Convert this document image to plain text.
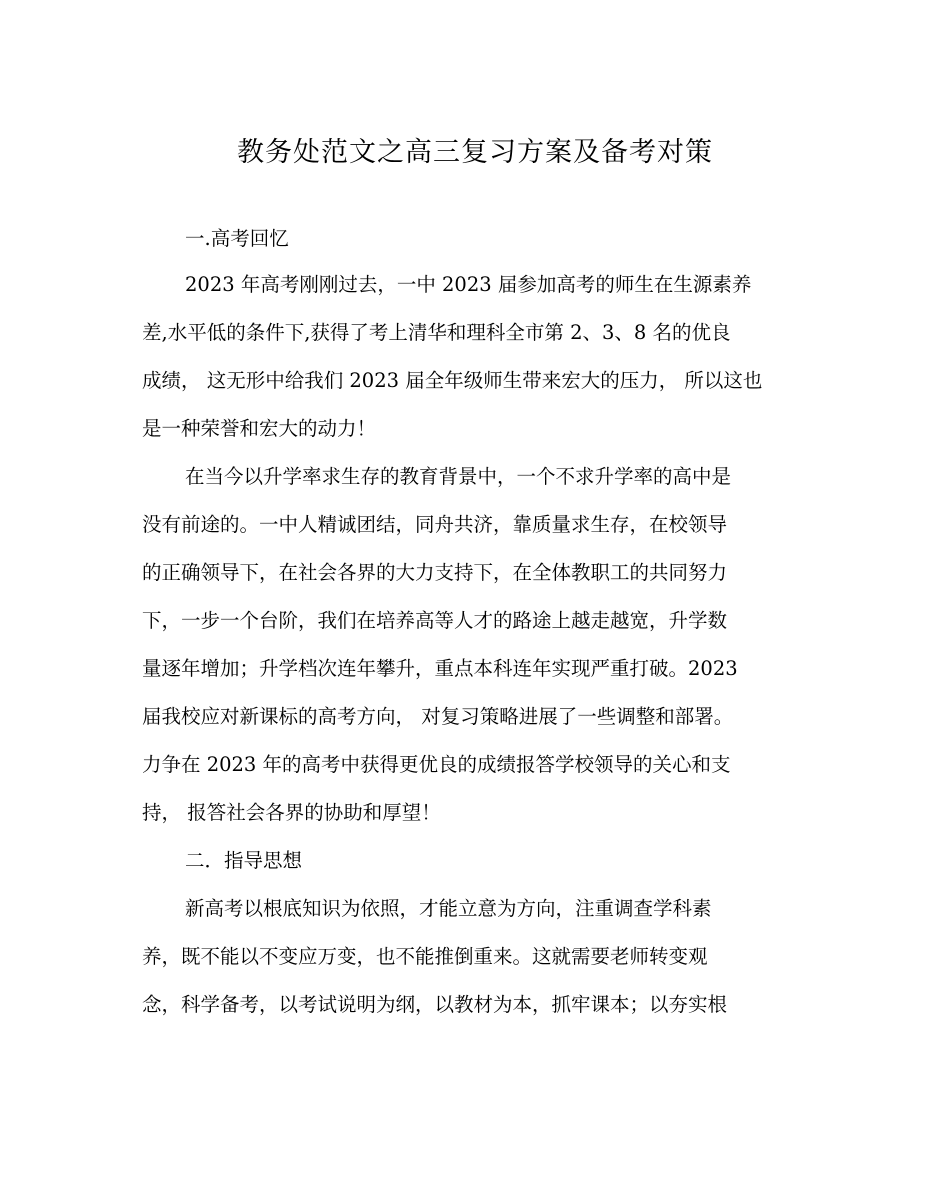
教务处范文之高三复习方案及备考对策

一.高考回忆

2023 年高考刚刚过去，一中 2023 届参加高考的师生在生源素养

差,水平低的条件下,获得了考上清华和理科全市第 2、3、8 名的优良

成绩， 这无形中给我们 2023 届全年级师生带来宏大的压力， 所以这也

是一种荣誉和宏大的动力！

在当今以升学率求生存的教育背景中，一个不求升学率的高中是

没有前途的。一中人精诚团结，同舟共济，靠质量求生存，在校领导

的正确领导下，在社会各界的大力支持下，在全体教职工的共同努力

下，一步一个台阶，我们在培养高等人才的路途上越走越宽，升学数

量逐年增加；升学档次连年攀升，重点本科连年实现严重打破。2023

届我校应对新课标的高考方向， 对复习策略进展了一些调整和部署。

力争在 2023 年的高考中获得更优良的成绩报答学校领导的关心和支

持， 报答社会各界的协助和厚望！

二．指导思想

新高考以根底知识为依照，才能立意为方向，注重调查学科素

养，既不能以不变应万变，也不能推倒重来。这就需要老师转变观

念，科学备考，以考试说明为纲，以教材为本，抓牢课本；以夯实根
